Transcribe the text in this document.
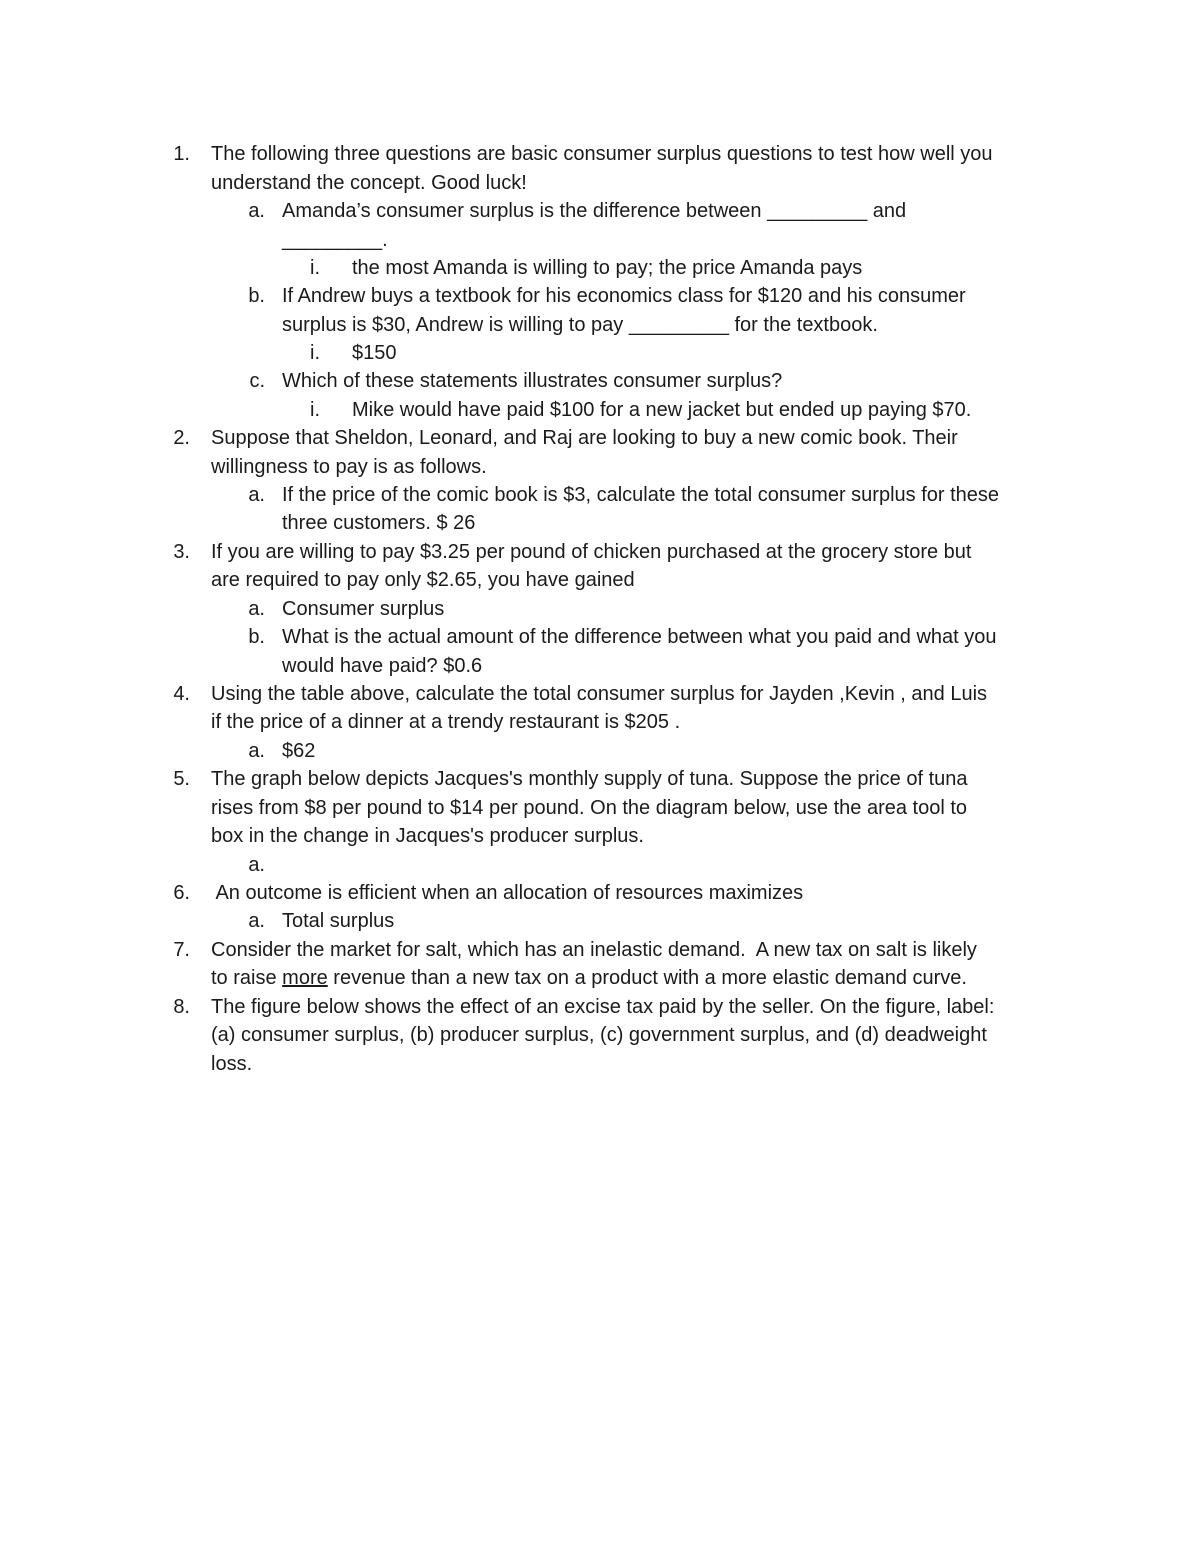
1. The following three questions are basic consumer surplus questions to test how well you
understand the concept. Good luck!
a. Amanda’s consumer surplus is the difference between _________ and
_________.
i. the most Amanda is willing to pay; the price Amanda pays
b. If Andrew buys a textbook for his economics class for $120 and his consumer
surplus is $30, Andrew is willing to pay _________ for the textbook.
i. $150
c. Which of these statements illustrates consumer surplus?
i. Mike would have paid $100 for a new jacket but ended up paying $70.
2. Suppose that Sheldon, Leonard, and Raj are looking to buy a new comic book. Their
willingness to pay is as follows.
a. If the price of the comic book is $3, calculate the total consumer surplus for these
three customers. $ 26
3. If you are willing to pay $3.25 per pound of chicken purchased at the grocery store but
are required to pay only $2.65, you have gained
a. Consumer surplus
b. What is the actual amount of the difference between what you paid and what you
would have paid? $0.6
4. Using the table above, calculate the total consumer surplus for Jayden ,Kevin , and Luis
if the price of a dinner at a trendy restaurant is $205 .
a. $62
5. The graph below depicts Jacques's monthly supply of tuna. Suppose the price of tuna
rises from $8 per pound to $14 per pound. On the diagram below, use the area tool to
box in the change in Jacques's producer surplus.
a.
6. An outcome is efficient when an allocation of resources maximizes
a. Total surplus
7. Consider the market for salt, which has an inelastic demand.  A new tax on salt is likely
to raise more revenue than a new tax on a product with a more elastic demand curve.
8. The figure below shows the effect of an excise tax paid by the seller. On the figure, label:
(a) consumer surplus, (b) producer surplus, (c) government surplus, and (d) deadweight
loss.
